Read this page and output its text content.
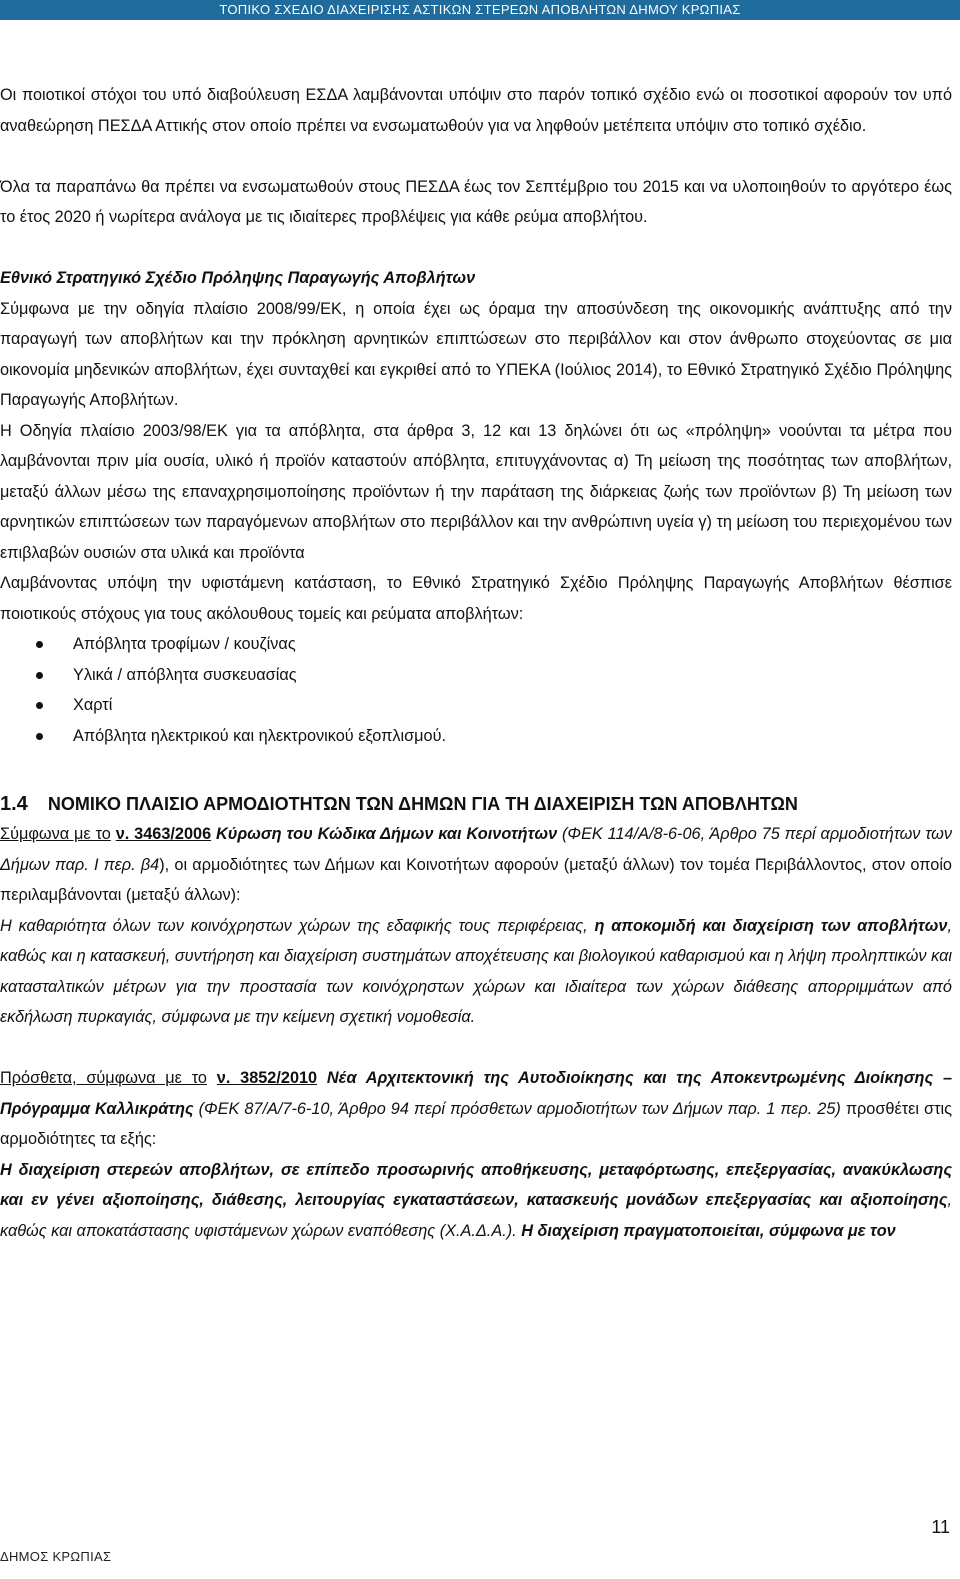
ΤΟΠΙΚΟ ΣΧΕΔΙΟ ΔΙΑΧΕΙΡΙΣΗΣ ΑΣΤΙΚΩΝ ΣΤΕΡΕΩΝ ΑΠΟΒΛΗΤΩΝ ΔΗΜΟΥ ΚΡΩΠΙΑΣ

Οι ποιοτικοί στόχοι του υπό διαβούλευση ΕΣΔΑ λαμβάνονται υπόψιν στο παρόν τοπικό σχέδιο ενώ οι ποσοτικοί αφορούν τον υπό αναθεώρηση ΠΕΣΔΑ Αττικής στον οποίο πρέπει να ενσωματωθούν για να ληφθούν μετέπειτα υπόψιν στο τοπικό σχέδιο.

Όλα τα παραπάνω θα πρέπει να ενσωματωθούν στους ΠΕΣΔΑ έως τον Σεπτέμβριο του 2015 και να υλοποιηθούν το αργότερο έως το έτος 2020 ή νωρίτερα ανάλογα με τις ιδιαίτερες προβλέψεις για κάθε ρεύμα αποβλήτου.

Εθνικό Στρατηγικό Σχέδιο Πρόληψης Παραγωγής Αποβλήτων

Σύμφωνα με την οδηγία πλαίσιο 2008/99/ΕΚ, η οποία έχει ως όραμα την αποσύνδεση της οικονομικής ανάπτυξης από την παραγωγή των αποβλήτων και την πρόκληση αρνητικών επιπτώσεων στο περιβάλλον και στον άνθρωπο στοχεύοντας σε μια οικονομία μηδενικών αποβλήτων, έχει συνταχθεί και εγκριθεί από το ΥΠΕΚΑ (Ιούλιος 2014), το Εθνικό Στρατηγικό Σχέδιο Πρόληψης Παραγωγής Αποβλήτων.

Η Οδηγία πλαίσιο 2003/98/ΕΚ για τα απόβλητα, στα άρθρα 3, 12 και 13 δηλώνει ότι ως «πρόληψη» νοούνται τα μέτρα που λαμβάνονται πριν μία ουσία, υλικό ή προϊόν καταστούν απόβλητα, επιτυγχάνοντας α) Τη μείωση της ποσότητας των αποβλήτων, μεταξύ άλλων μέσω της επαναχρησιμοποίησης προϊόντων ή την παράταση της διάρκειας ζωής των προϊόντων β) Τη μείωση των αρνητικών επιπτώσεων των παραγόμενων αποβλήτων στο περιβάλλον και την ανθρώπινη υγεία γ) τη μείωση του περιεχομένου των επιβλαβών ουσιών στα υλικά και προϊόντα

Λαμβάνοντας υπόψη την υφιστάμενη κατάσταση, το Εθνικό Στρατηγικό Σχέδιο Πρόληψης Παραγωγής Αποβλήτων θέσπισε ποιοτικούς στόχους για τους ακόλουθους τομείς και ρεύματα αποβλήτων:

Απόβλητα τροφίμων / κουζίνας
Υλικά / απόβλητα συσκευασίας
Χαρτί
Απόβλητα ηλεκτρικού και ηλεκτρονικού εξοπλισμού.

1.4 ΝΟΜΙΚΟ ΠΛΑΙΣΙΟ ΑΡΜΟΔΙΟΤΗΤΩΝ ΤΩΝ ΔΗΜΩΝ ΓΙΑ ΤΗ ΔΙΑΧΕΙΡΙΣΗ ΤΩΝ ΑΠΟΒΛΗΤΩΝ

Σύμφωνα με το ν. 3463/2006 Κύρωση του Κώδικα Δήμων και Κοινοτήτων (ΦΕΚ 114/Α/8-6-06, Άρθρο 75 περί αρμοδιοτήτων των Δήμων παρ. Ι περ. β4), οι αρμοδιότητες των Δήμων και Κοινοτήτων αφορούν (μεταξύ άλλων) τον τομέα Περιβάλλοντος, στον οποίο περιλαμβάνονται (μεταξύ άλλων):

Η καθαριότητα όλων των κοινόχρηστων χώρων της εδαφικής τους περιφέρειας, η αποκομιδή και διαχείριση των αποβλήτων, καθώς και η κατασκευή, συντήρηση και διαχείριση συστημάτων αποχέτευσης και βιολογικού καθαρισμού και η λήψη προληπτικών και κατασταλτικών μέτρων για την προστασία των κοινόχρηστων χώρων και ιδιαίτερα των χώρων διάθεσης απορριμμάτων από εκδήλωση πυρκαγιάς, σύμφωνα με την κείμενη σχετική νομοθεσία.

Πρόσθετα, σύμφωνα με το ν. 3852/2010 Νέα Αρχιτεκτονική της Αυτοδιοίκησης και της Αποκεντρωμένης Διοίκησης – Πρόγραμμα Καλλικράτης (ΦΕΚ 87/Α/7-6-10, Άρθρο 94 περί πρόσθετων αρμοδιοτήτων των Δήμων παρ. 1 περ. 25) προσθέτει στις αρμοδιότητες τα εξής:

Η διαχείριση στερεών αποβλήτων, σε επίπεδο προσωρινής αποθήκευσης, μεταφόρτωσης, επεξεργασίας, ανακύκλωσης και εν γένει αξιοποίησης, διάθεσης, λειτουργίας εγκαταστάσεων, κατασκευής μονάδων επεξεργασίας και αξιοποίησης, καθώς και αποκατάστασης υφιστάμενων χώρων εναπόθεσης (Χ.Α.Δ.Α.). Η διαχείριση πραγματοποιείται, σύμφωνα με τον

11
ΔΗΜΟΣ ΚΡΩΠΙΑΣ
